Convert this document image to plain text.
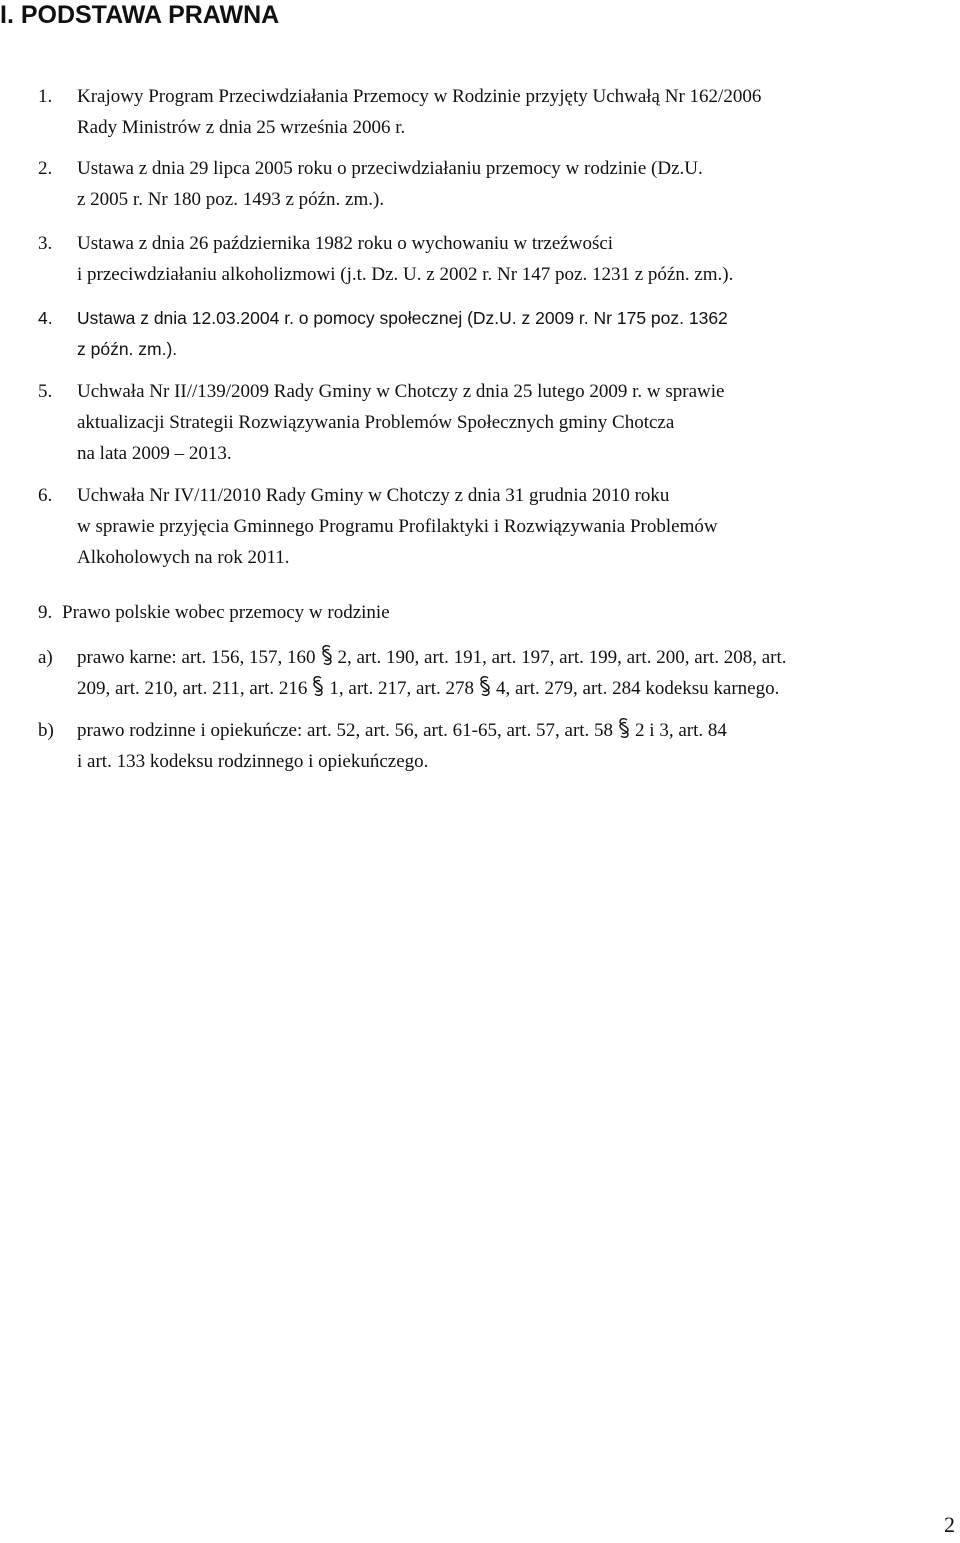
I. PODSTAWA PRAWNA
1. Krajowy Program Przeciwdziałania Przemocy w Rodzinie przyjęty Uchwałą Nr 162/2006
Rady Ministrów z dnia 25 września 2006 r.
2. Ustawa z dnia 29 lipca 2005 roku o przeciwdziałaniu przemocy w rodzinie (Dz.U.
z 2005 r. Nr 180 poz. 1493 z późn. zm.).
3. Ustawa z dnia 26 października 1982 roku o wychowaniu w trzeźwości
i przeciwdziałaniu alkoholizmowi (j.t. Dz. U. z 2002 r. Nr 147 poz. 1231 z późn. zm.).
4. Ustawa z dnia 12.03.2004 r. o pomocy społecznej (Dz.U. z 2009 r. Nr 175 poz. 1362
z późn. zm.).
5. Uchwała Nr II//139/2009 Rady Gminy w Chotczy z dnia 25 lutego 2009 r. w sprawie
aktualizacji Strategii Rozwiązywania Problemów Społecznych gminy Chotcza
na lata 2009 – 2013.
6. Uchwała Nr IV/11/2010 Rady Gminy w Chotczy z dnia 31 grudnia 2010 roku
w sprawie przyjęcia Gminnego Programu Profilaktyki i Rozwiązywania Problemów
Alkoholowych na rok 2011.
9. Prawo polskie wobec przemocy w rodzinie
a) prawo karne: art. 156, 157, 160 2, art. 190, art. 191, art. 197, art. 199, art. 200, art. 208, art.
209, art. 210, art. 211, art. 216 1, art. 217, art. 278 4, art. 279, art. 284 kodeksu karnego.
b) prawo rodzinne i opiekuńcze: art. 52, art. 56, art. 61-65, art. 57, art. 58 2 i 3, art. 84
i art. 133 kodeksu rodzinnego i opiekuńczego.
2
